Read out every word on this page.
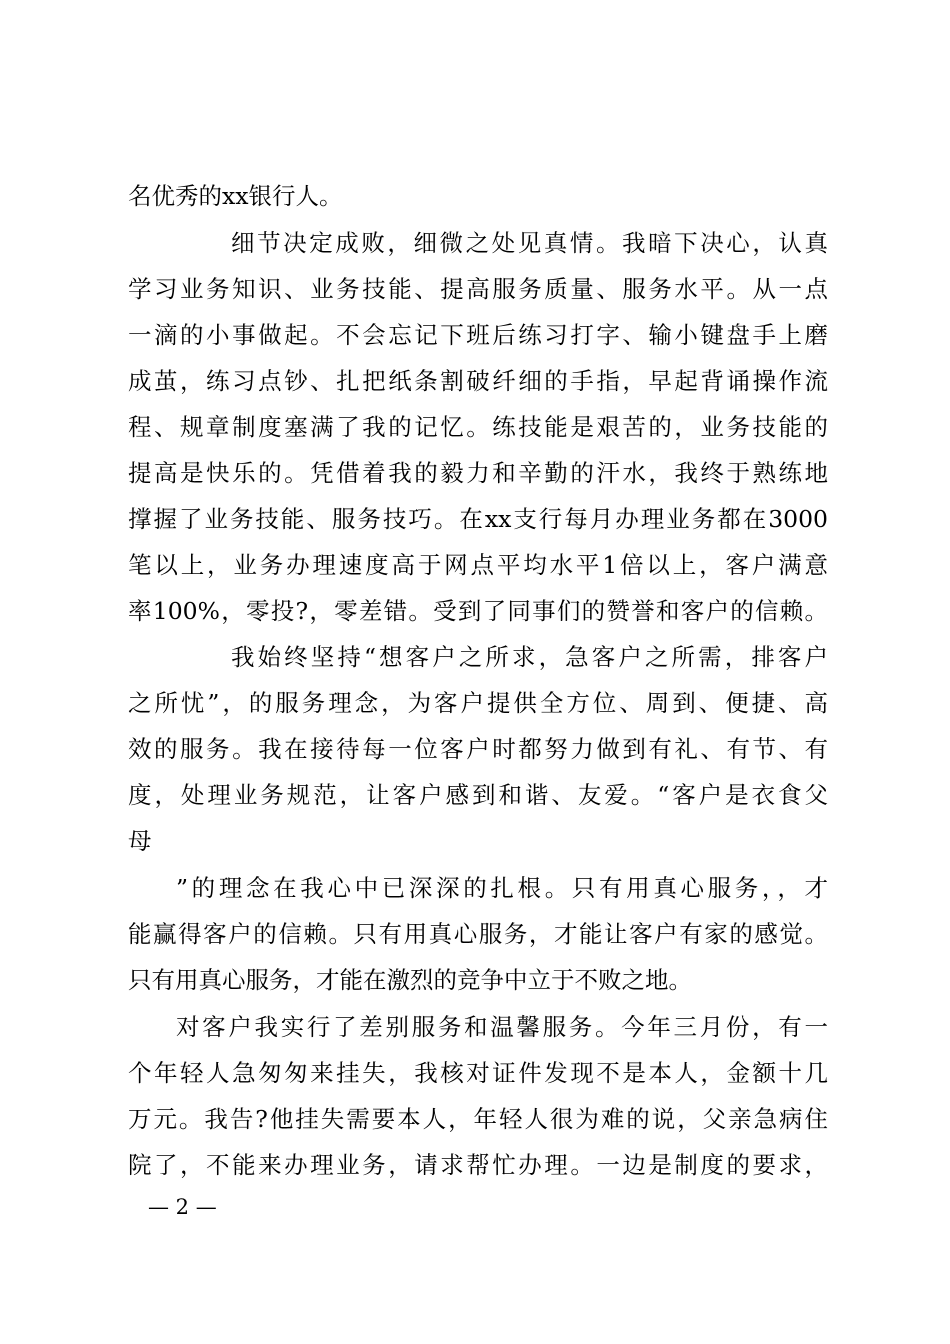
名优秀的xx银行人。
细节决定成败，细微之处见真情。我暗下决心，认真
学习业务知识、业务技能、提高服务质量、服务水平。从一点
一滴的小事做起。不会忘记下班后练习打字、输小键盘手上磨
成茧，练习点钞、扎把纸条割破纤细的手指，早起背诵操作流
程、规章制度塞满了我的记忆。练技能是艰苦的，业务技能的
提高是快乐的。凭借着我的毅力和辛勤的汗水，我终于熟练地
撑握了业务技能、服务技巧。在xx支行每月办理业务都在3000
笔以上，业务办理速度高于网点平均水平1倍以上，客户满意
率100%，零投?，零差错。受到了同事们的赞誉和客户的信赖。
我始终坚持“想客户之所求，急客户之所需，排客户
之所忧”，的服务理念，为客户提供全方位、周到、便捷、高
效的服务。我在接待每一位客户时都努力做到有礼、有节、有
度，处理业务规范，让客户感到和谐、友爱。“客户是衣食父
母
”的理念在我心中已深深的扎根。只有用真心服务，，才
能赢得客户的信赖。只有用真心服务，才能让客户有家的感觉。
只有用真心服务，才能在激烈的竞争中立于不败之地。
对客户我实行了差别服务和温馨服务。今年三月份，有一
个年轻人急匆匆来挂失，我核对证件发现不是本人，金额十几
万元。我告?他挂失需要本人，年轻人很为难的说，父亲急病住
院了，不能来办理业务，请求帮忙办理。一边是制度的要求，
— 2 —
